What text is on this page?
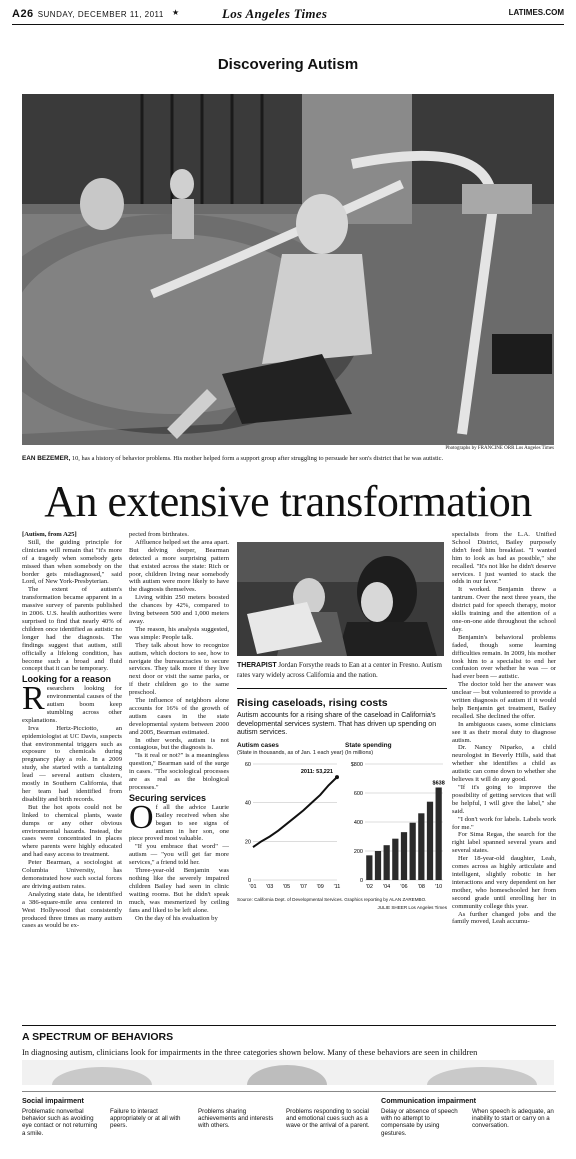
A26 SUNDAY, DECEMBER 11, 2011 ★	Los Angeles Times	LATIMES.COM
Discovering Autism
Photographs by FRANCINE ORR Los Angeles Times
EAN BEZEMER, 10, has a history of behavior problems. His mother helped form a support group after struggling to persuade her son's district that he was autistic.
An extensive transformation

[Autism, from A25]

Still, the guiding principle for clinicians will remain that "it's more of a tragedy when somebody gets missed than when somebody on the border gets misdiagnosed," said Lord, of New York-Presbyterian.

The extent of autism's transformation became apparent in a massive survey of parents published in 2006. U.S. health authorities were surprised to find that nearly 40% of children once identified as autistic no longer had the diagnosis. The findings suggest that autism, still officially a lifelong condition, has become such a broad and fluid concept that it can be temporary.

Looking for a reason

Researchers looking for environmental causes of the autism boom keep stumbling across other explanations.

Irva Hertz-Picciotto, an epidemiologist at UC Davis, suspects that environmental triggers such as exposure to chemicals during pregnancy play a role. In a 2009 study, she started with a tantalizing lead — several autism clusters, mostly in Southern California, that her team had identified from disability and birth records.

But the hot spots could not be linked to chemical plants, waste dumps or any other obvious environmental hazards. Instead, the cases were concentrated in places where parents were highly educated and had easy access to treatment.

Peter Bearman, a sociologist at Columbia University, has demonstrated how such social forces are driving autism rates.

Analyzing state data, he identified a 386-square-mile area centered in West Hollywood that consistently produced three times as many autism cases as would be ex-

pected from birthrates.

Affluence helped set the area apart. But delving deeper, Bearman detected a more surprising pattern that existed across the state: Rich or poor, children living near somebody with autism were more likely to have the diagnosis themselves.

Living within 250 meters boosted the chances by 42%, compared to living between 500 and 1,000 meters away.

The reason, his analysis suggested, was simple: People talk.

They talk about how to recognize autism, which doctors to see, how to navigate the bureaucracies to secure services. They talk more if they live next door or visit the same parks, or if their children go to the same preschool.

The influence of neighbors alone accounts for 16% of the growth of autism cases in the state developmental system between 2000 and 2005, Bearman estimated.

In other words, autism is not contagious, but the diagnosis is.

"Is it real or not?" is a meaningless question," Bearman said of the surge in cases. "The sociological processes are as real as the biological processes."

Securing services

Of all the advice Laurie Bailey received when she began to see signs of autism in her son, one piece proved most valuable.

"If you embrace that word" — autism — "you will get far more services," a friend told her.

Three-year-old Benjamin was nothing like the severely impaired children Bailey had seen in clinic waiting rooms. But he didn't speak much, was mesmerized by ceiling fans and liked to be left alone.

On the day of his evaluation by

THERAPIST Jordan Forsythe reads to Ean at a center in Fresno. Autism rates vary widely across California and the nation.
Rising caseloads, rising costs
Autism accounts for a rising share of the caseload in California's developmental services system. That has driven up spending on autism services.
Autism cases
(State in thousands, as of Jan. 1 each year)
0
20
40
60
'01 '03 '05 '07 '09 '11
2011: 53,221
State spending
(In millions)
0
200
400
600
$800
'02 '04 '06 '08 '10
$638
Source: California Dept. of Developmental Services. Graphics reporting by ALAN ZAREMBO.
JULIE SHEER Los Angeles Times

specialists from the L.A. Unified School District, Bailey purposely didn't feed him breakfast. "I wanted him to look as bad as possible," she recalled. "It's not like he didn't deserve services. I just wanted to stack the odds in our favor."

It worked. Benjamin threw a tantrum. Over the next three years, the district paid for speech therapy, motor skills training and the attention of a one-on-one aide throughout the school day.

Benjamin's behavioral problems faded, though some learning difficulties remain. In 2009, his mother took him to a specialist to end her confusion over whether he was — or had ever been — autistic.

The doctor told her the answer was unclear — but volunteered to provide a written diagnosis of autism if it would help Benjamin get treatment, Bailey recalled. She declined the offer.

In ambiguous cases, some clinicians see it as their moral duty to diagnose autism.

Dr. Nancy Niparko, a child neurologist in Beverly Hills, said that whether she identifies a child as autistic can come down to whether she believes it will do any good.

"If it's going to improve the possibility of getting services that will be helpful, I will give the label," she said.

"I don't work for labels. Labels work for me."

For Sima Regas, the search for the right label spanned several years and several states.

Her 18-year-old daughter, Leah, comes across as highly articulate and intelligent, slightly robotic in her interactions and very dependent on her mother, who homeschooled her from second grade until enrolling her in community college this year.

As further changed jobs and the family moved, Leah accumu-

A SPECTRUM OF BEHAVIORS
In diagnosing autism, clinicians look for impairments in the three categories shown below. Many of these behaviors are seen in children
Social impairment	Communication impairment
Problematic nonverbal behavior such as avoiding eye contact or not returning a smile.
Failure to interact appropriately or at all with peers.
Problems sharing achievements and interests with others.
Problems responding to social and emotional cues such as a wave or the arrival of a parent.
Delay or absence of speech with no attempt to compensate by using gestures.
When speech is adequate, an inability to start or carry on a conversation.
